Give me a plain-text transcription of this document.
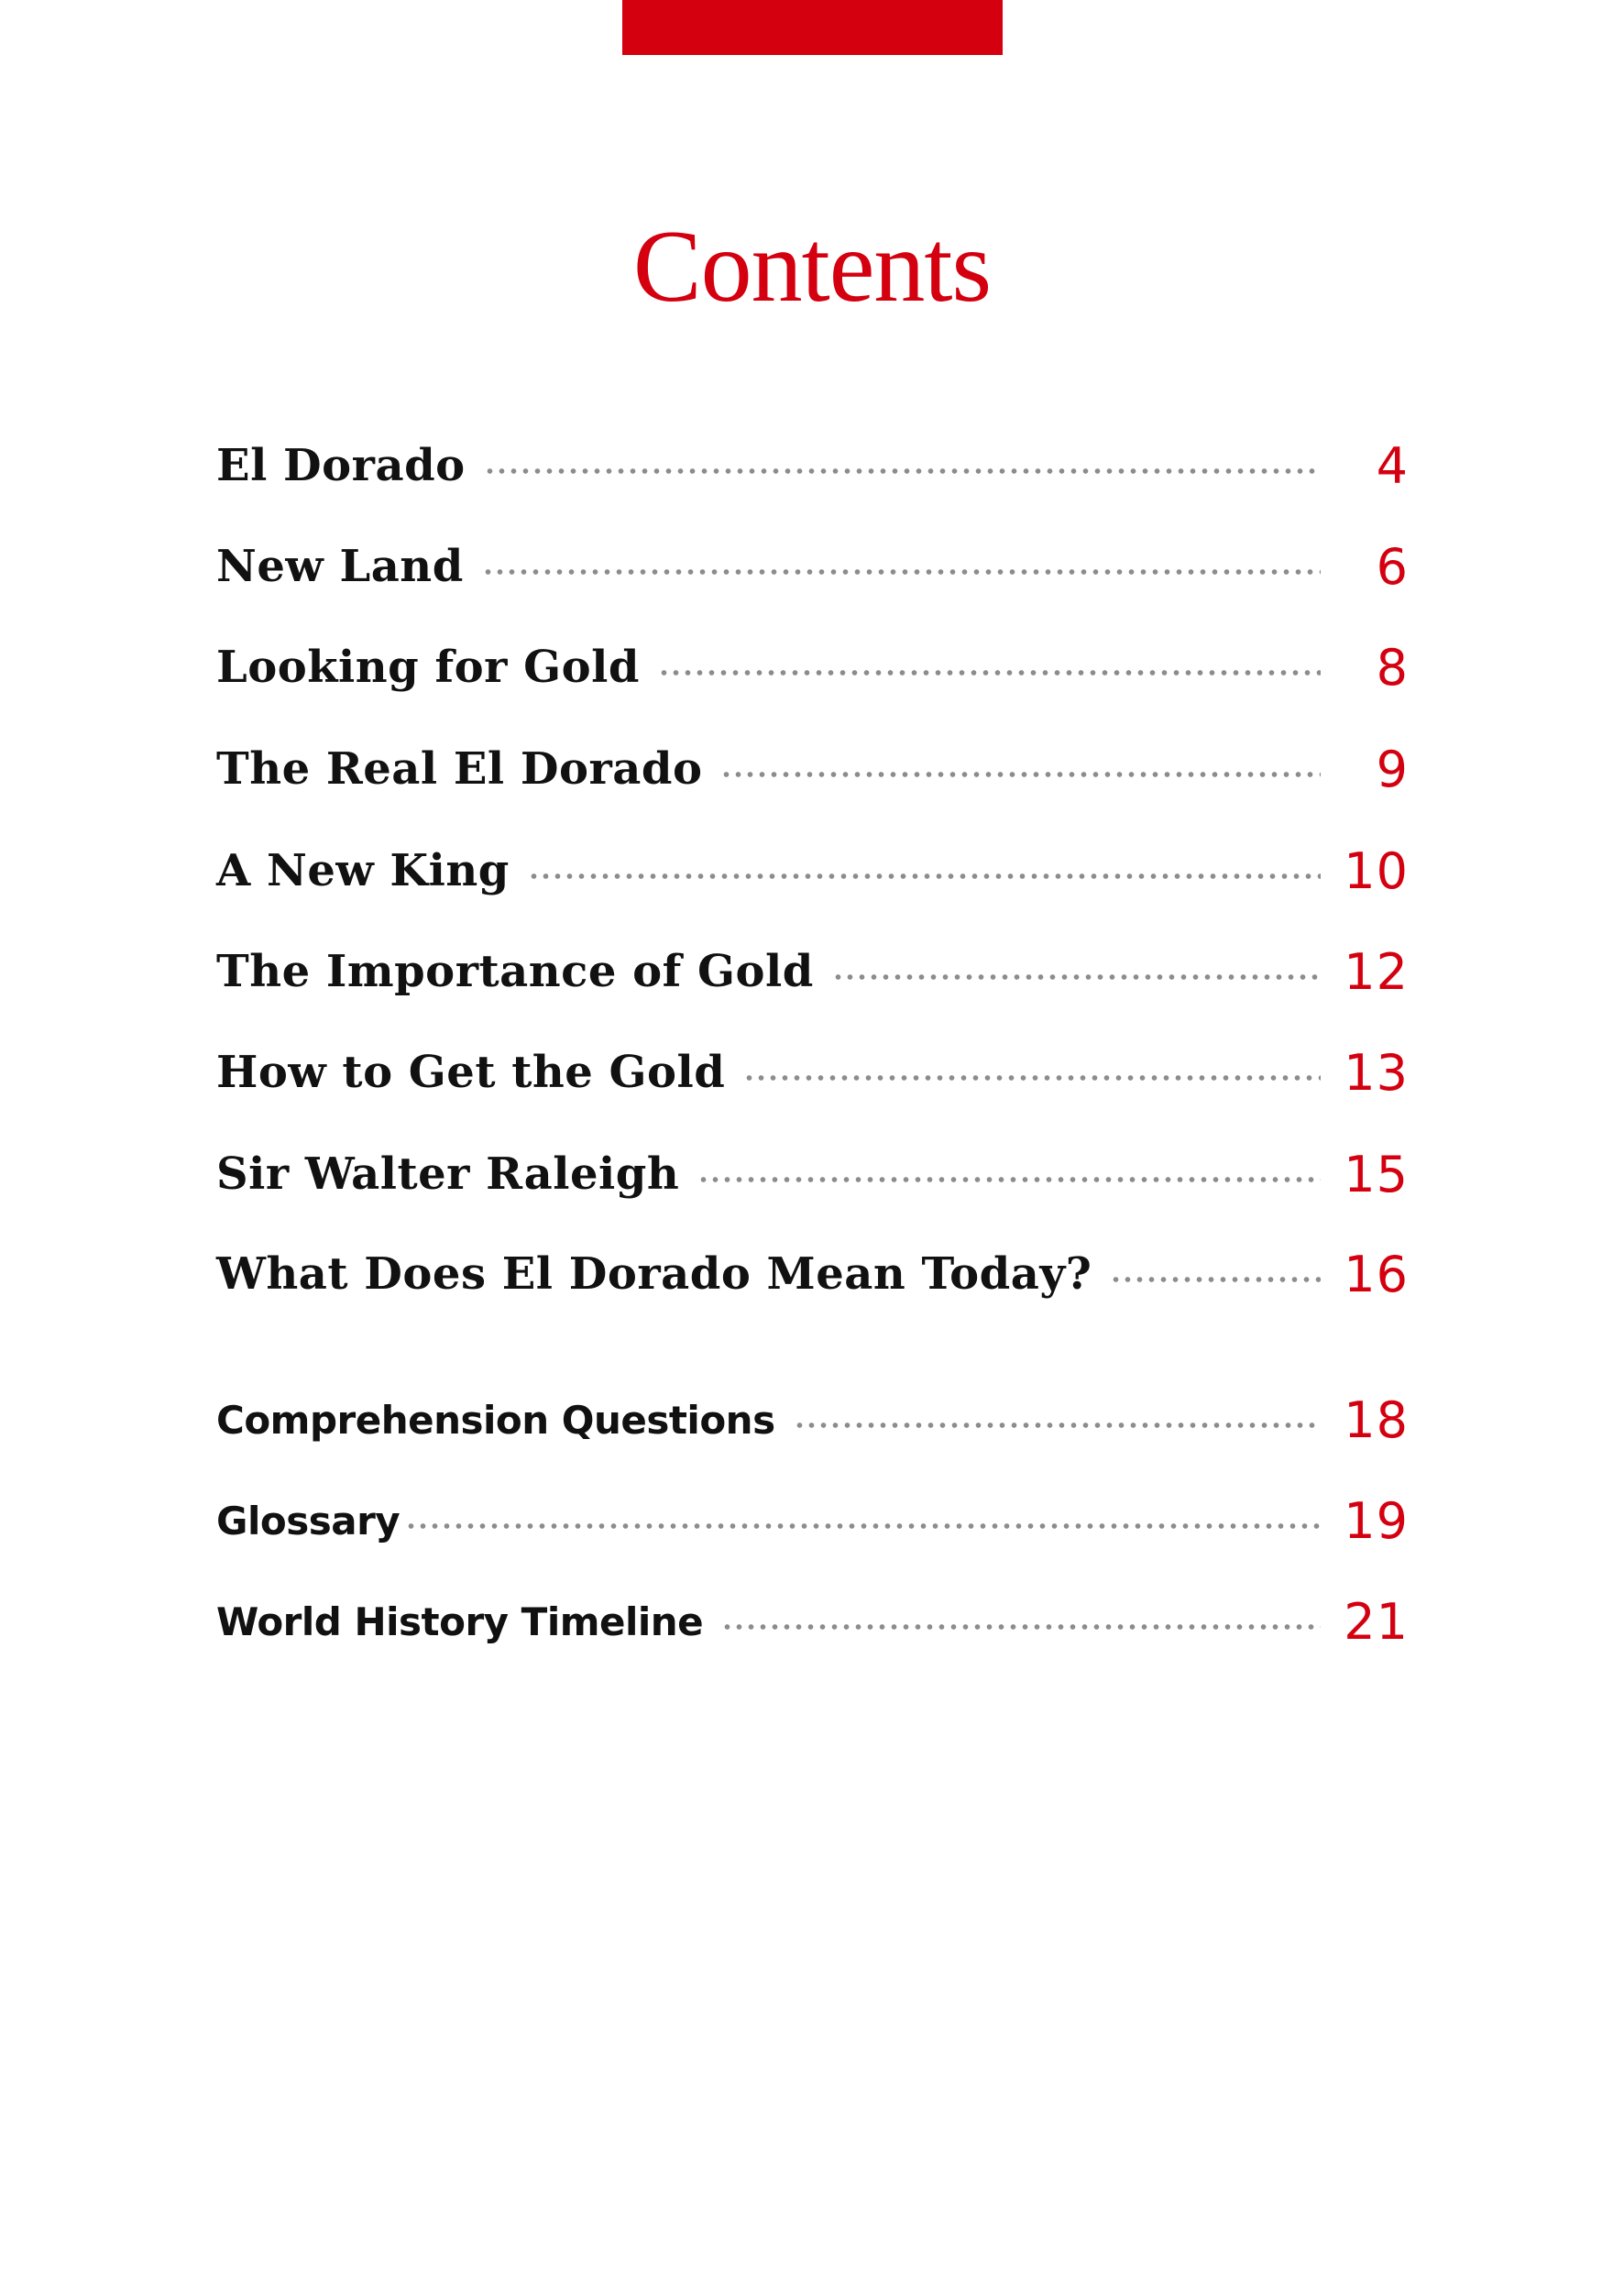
Contents
El Dorado	4
New Land	6
Looking for Gold	8
The Real El Dorado	9
A New King	10
The Importance of Gold	12
How to Get the Gold	13
Sir Walter Raleigh	15
What Does El Dorado Mean Today?	16
Comprehension Questions	18
Glossary	19
World History Timeline	21
